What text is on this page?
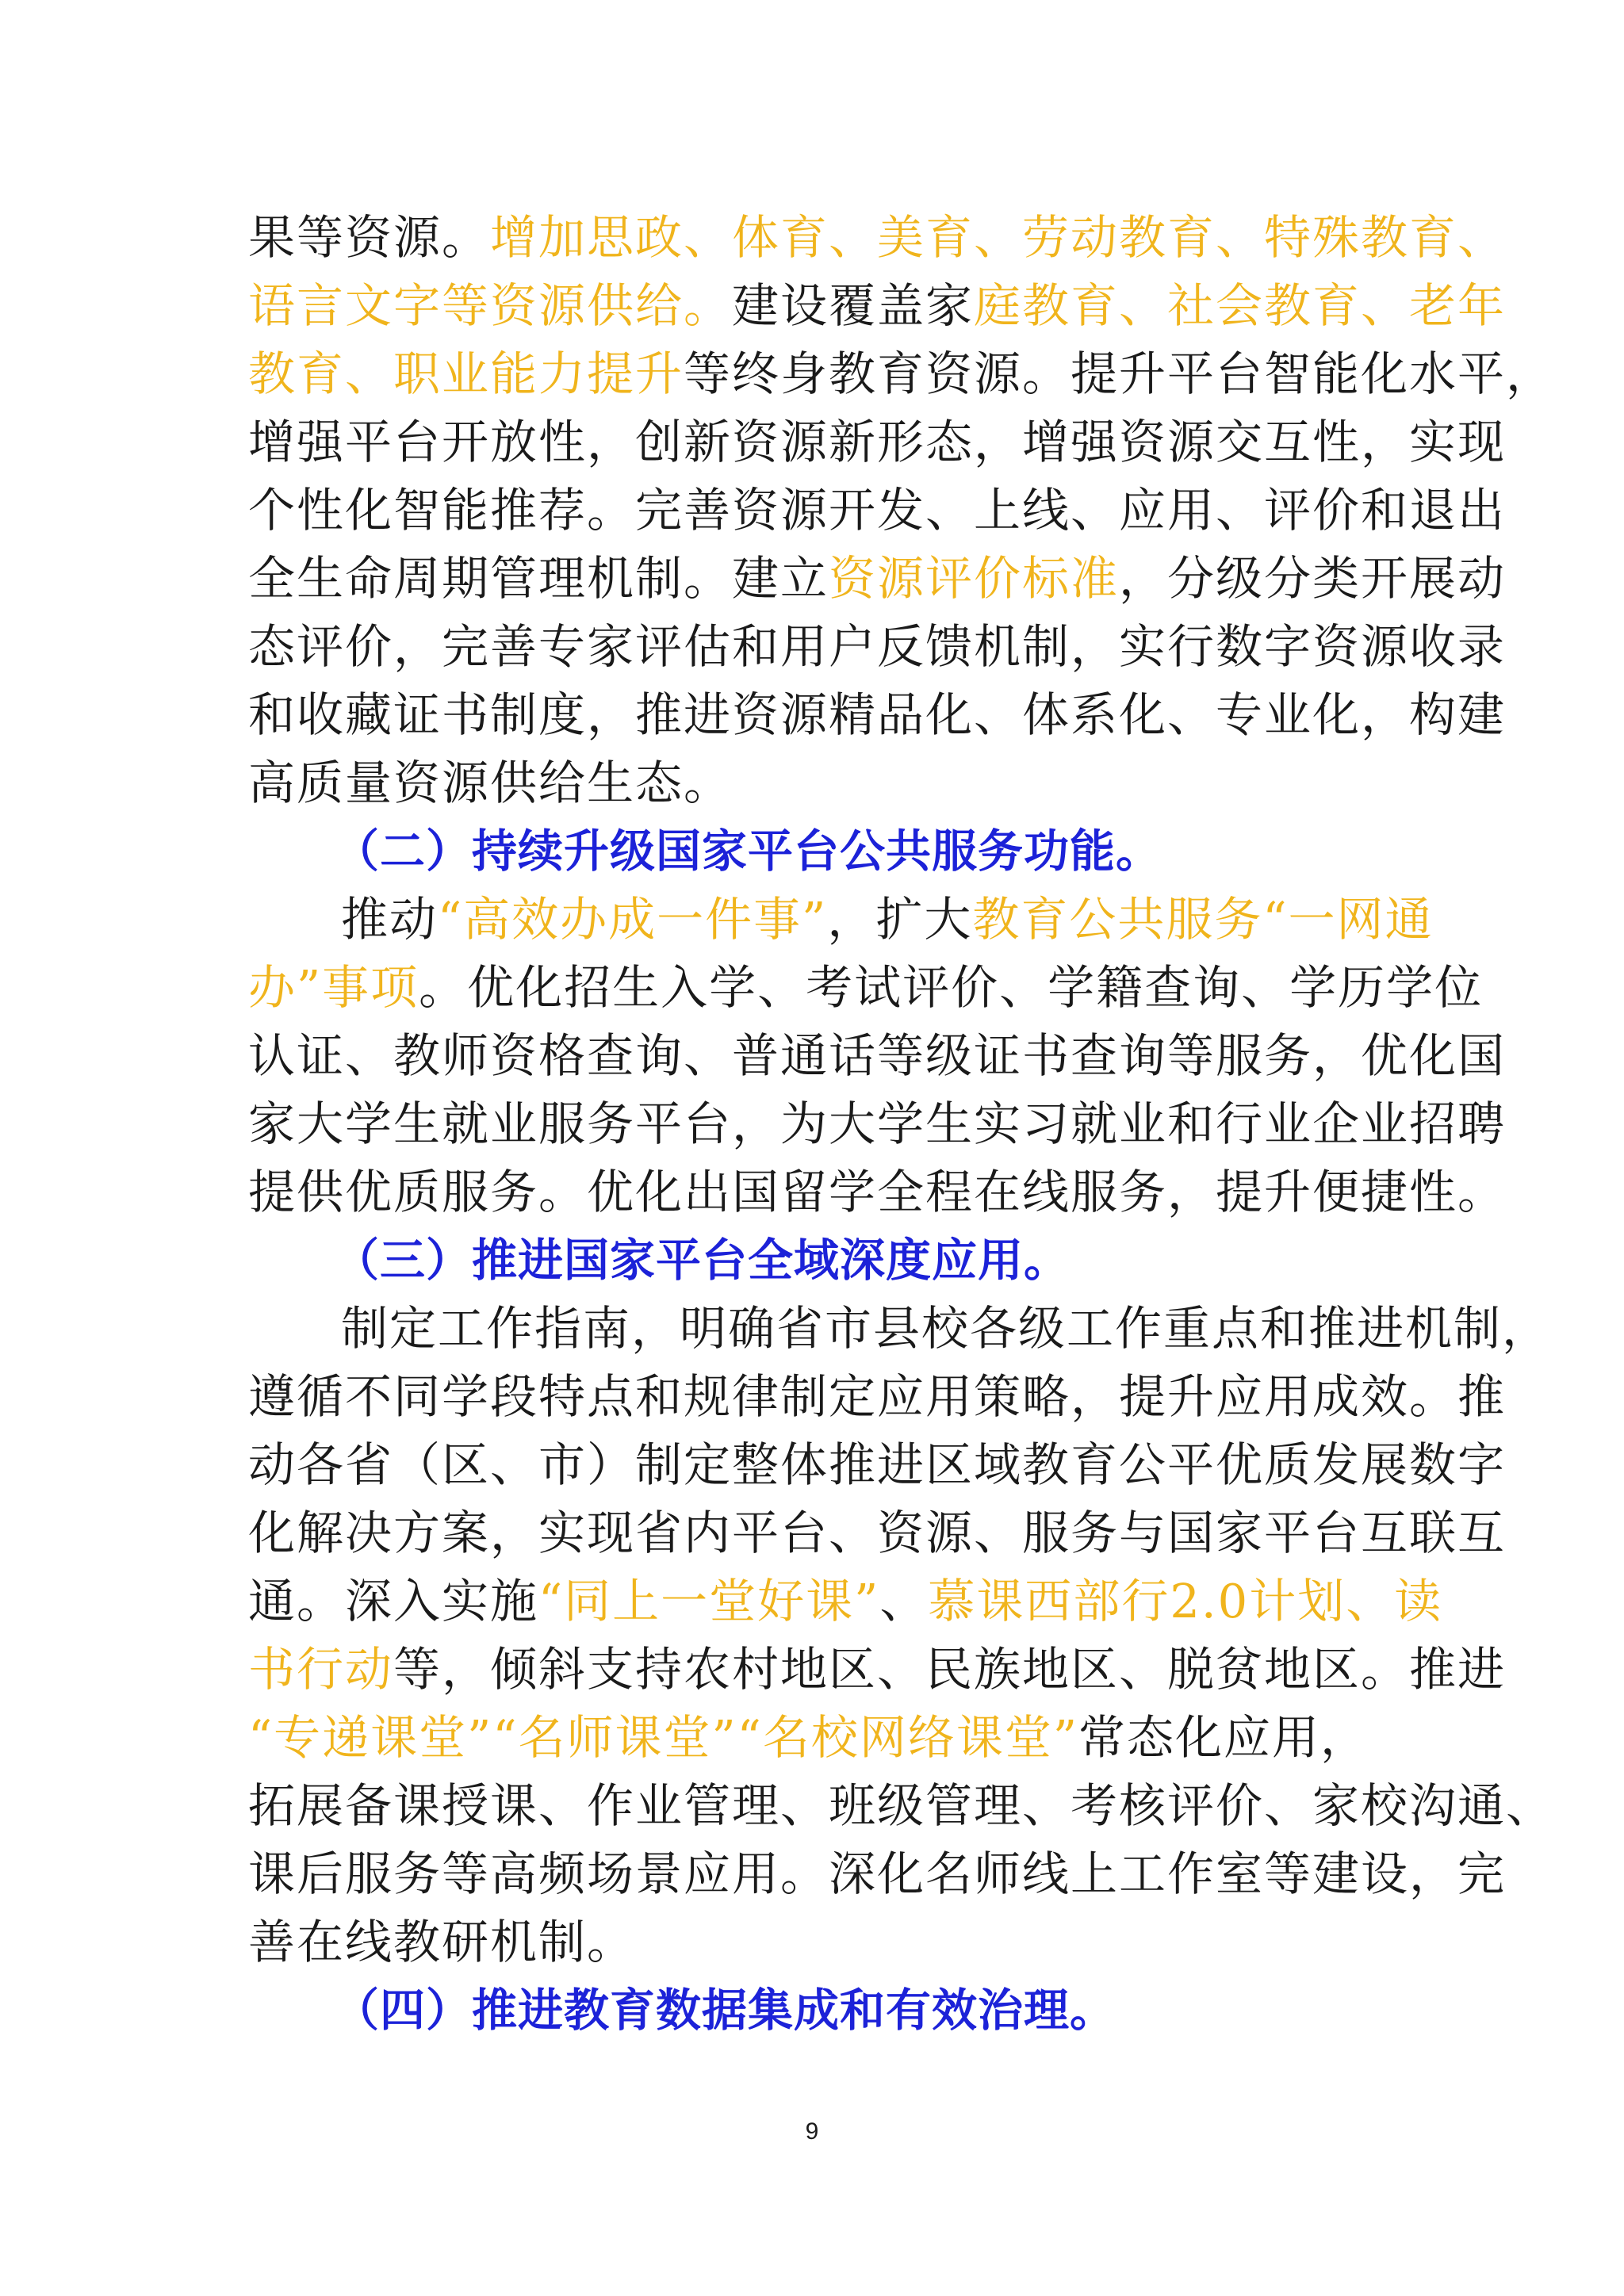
果等资源。增加思政、体育、美育、劳动教育、特殊教育、
语言文字等资源供给。建设覆盖家庭教育、社会教育、老年
教育、职业能力提升等终身教育资源。提升平台智能化水平，
增强平台开放性，创新资源新形态，增强资源交互性，实现
个性化智能推荐。完善资源开发、上线、应用、评价和退出
全生命周期管理机制。建立资源评价标准，分级分类开展动
态评价，完善专家评估和用户反馈机制，实行数字资源收录
和收藏证书制度，推进资源精品化、体系化、专业化，构建
高质量资源供给生态。
（二）持续升级国家平台公共服务功能。
推动“高效办成一件事”，扩大教育公共服务“一网通
办”事项。优化招生入学、考试评价、学籍查询、学历学位
认证、教师资格查询、普通话等级证书查询等服务，优化国
家大学生就业服务平台，为大学生实习就业和行业企业招聘
提供优质服务。优化出国留学全程在线服务，提升便捷性。
（三）推进国家平台全域深度应用。
制定工作指南，明确省市县校各级工作重点和推进机制，
遵循不同学段特点和规律制定应用策略，提升应用成效。推
动各省（区、市）制定整体推进区域教育公平优质发展数字
化解决方案，实现省内平台、资源、服务与国家平台互联互
通。深入实施“同上一堂好课”、慕课西部行2.0计划、读
书行动等，倾斜支持农村地区、民族地区、脱贫地区。推进
“专递课堂”“名师课堂”“名校网络课堂”常态化应用，
拓展备课授课、作业管理、班级管理、考核评价、家校沟通、
课后服务等高频场景应用。深化名师线上工作室等建设，完
善在线教研机制。
（四）推进教育数据集成和有效治理。
9
